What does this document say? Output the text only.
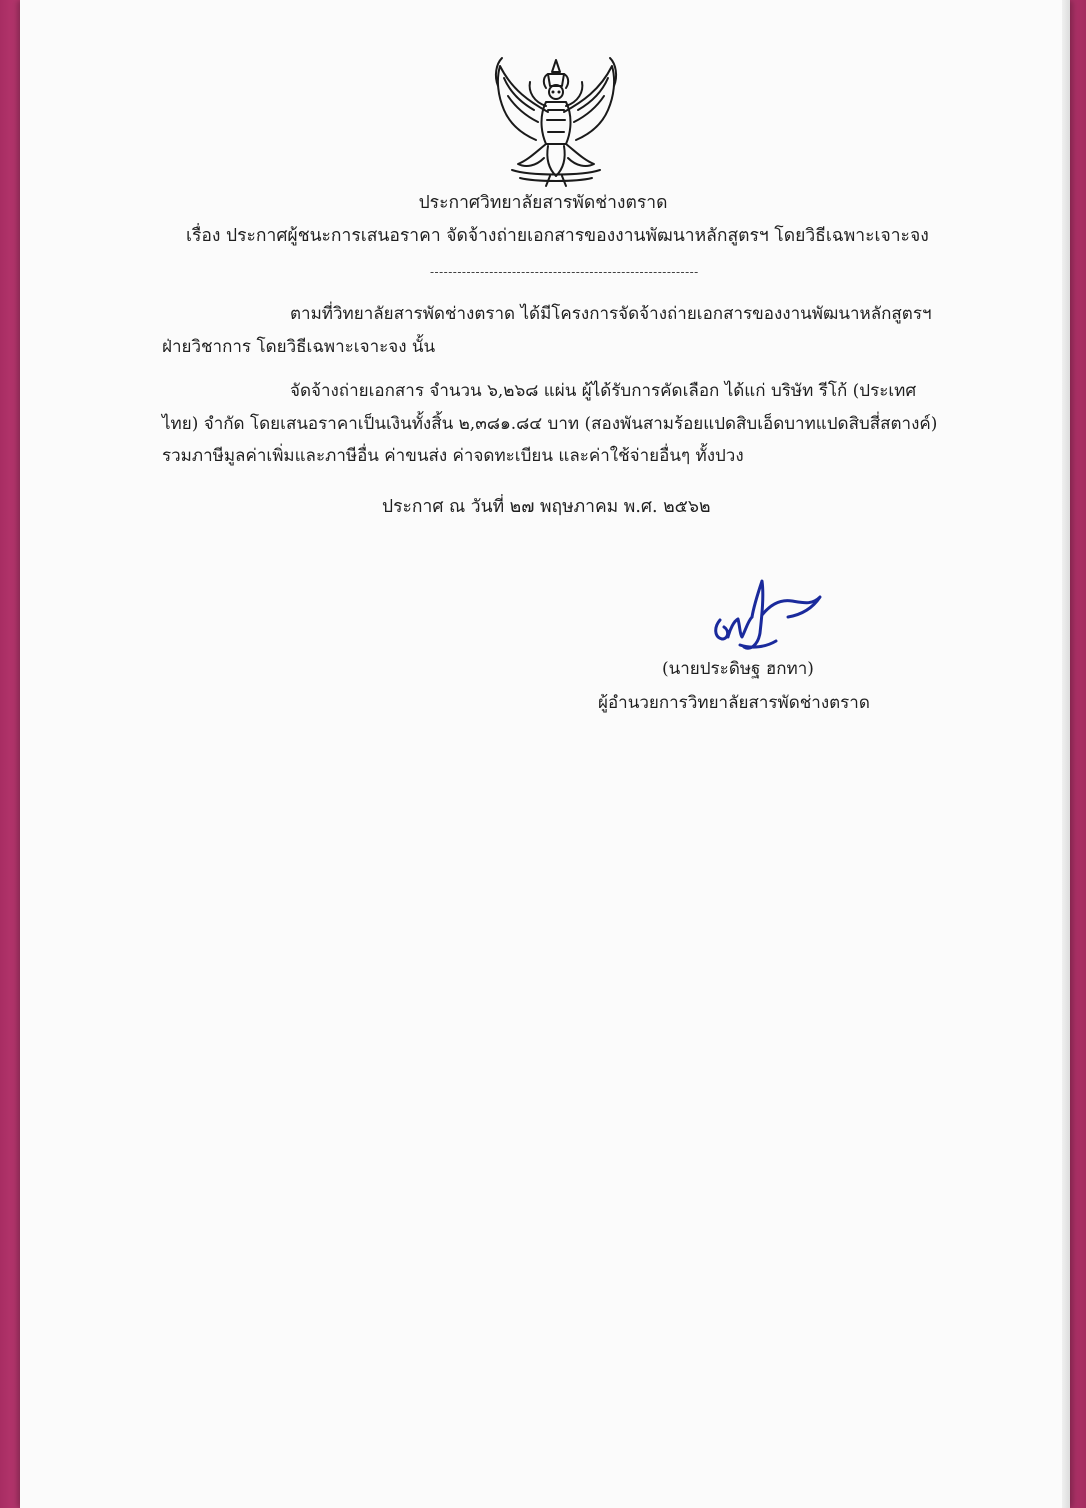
ประกาศวิทยาลัยสารพัดช่างตราด
เรื่อง ประกาศผู้ชนะการเสนอราคา จัดจ้างถ่ายเอกสารของงานพัฒนาหลักสูตรฯ โดยวิธีเฉพาะเจาะจง
-----------------------------------------------------------
ตามที่วิทยาลัยสารพัดช่างตราด ได้มีโครงการจัดจ้างถ่ายเอกสารของงานพัฒนาหลักสูตรฯ
ฝ่ายวิชาการ โดยวิธีเฉพาะเจาะจง นั้น
จัดจ้างถ่ายเอกสาร จำนวน ๖,๒๖๘ แผ่น ผู้ได้รับการคัดเลือก ได้แก่ บริษัท รีโก้ (ประเทศ
ไทย) จำกัด โดยเสนอราคาเป็นเงินทั้งสิ้น ๒,๓๘๑.๘๔ บาท (สองพันสามร้อยแปดสิบเอ็ดบาทแปดสิบสี่สตางค์)
รวมภาษีมูลค่าเพิ่มและภาษีอื่น ค่าขนส่ง ค่าจดทะเบียน และค่าใช้จ่ายอื่นๆ ทั้งปวง
ประกาศ ณ วันที่ ๒๗ พฤษภาคม พ.ศ. ๒๕๖๒
(นายประดิษฐ ฮกทา)
ผู้อำนวยการวิทยาลัยสารพัดช่างตราด
